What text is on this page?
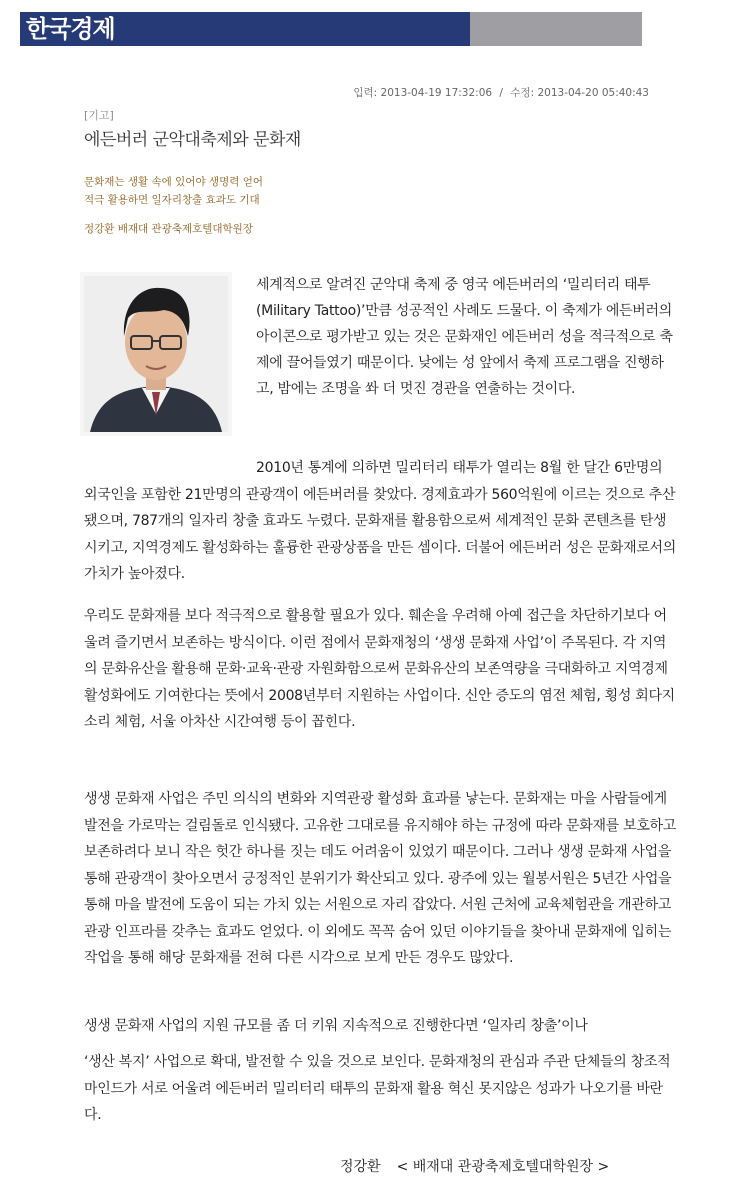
한국경제
입력: 2013-04-19 17:32:06 / 수정: 2013-04-20 05:40:43
[기고]
에든버러 군악대축제와 문화재
문화재는 생활 속에 있어야 생명력 얻어
적극 활용하면 일자리창출 효과도 기대
정강환 배재대 관광축제호텔대학원장
세계적으로 알려진 군악대 축제 중 영국 에든버러의 ‘밀리터리 태투(Military Tattoo)’만큼 성공적인 사례도 드물다. 이 축제가 에든버러의 아이콘으로 평가받고 있는 것은 문화재인 에든버러 성을 적극적으로 축제에 끌어들였기 때문이다. 낮에는 성 앞에서 축제 프로그램을 진행하고, 밤에는 조명을 쏴 더 멋진 경관을 연출하는 것이다.

2010년 통계에 의하면 밀리터리 태투가 열리는 8월 한 달간 6만명의 외국인을 포함한 21만명의 관광객이 에든버러를 찾았다. 경제효과가 560억원에 이르는 것으로 추산됐으며, 787개의 일자리 창출 효과도 누렸다. 문화재를 활용함으로써 세계적인 문화 콘텐츠를 탄생시키고, 지역경제도 활성화하는 훌륭한 관광상품을 만든 셈이다. 더불어 에든버러 성은 문화재로서의 가치가 높아졌다.

우리도 문화재를 보다 적극적으로 활용할 필요가 있다. 훼손을 우려해 아예 접근을 차단하기보다 어울려 즐기면서 보존하는 방식이다. 이런 점에서 문화재청의 ‘생생 문화재 사업’이 주목된다. 각 지역의 문화유산을 활용해 문화·교육·관광 자원화함으로써 문화유산의 보존역량을 극대화하고 지역경제 활성화에도 기여한다는 뜻에서 2008년부터 지원하는 사업이다. 신안 증도의 염전 체험, 횡성 회다지소리 체험, 서울 아차산 시간여행 등이 꼽힌다.

생생 문화재 사업은 주민 의식의 변화와 지역관광 활성화 효과를 낳는다. 문화재는 마을 사람들에게 발전을 가로막는 걸림돌로 인식됐다. 고유한 그대로를 유지해야 하는 규정에 따라 문화재를 보호하고 보존하려다 보니 작은 헛간 하나를 짓는 데도 어려움이 있었기 때문이다. 그러나 생생 문화재 사업을 통해 관광객이 찾아오면서 긍정적인 분위기가 확산되고 있다. 광주에 있는 월봉서원은 5년간 사업을 통해 마을 발전에 도움이 되는 가치 있는 서원으로 자리 잡았다. 서원 근처에 교육체험관을 개관하고 관광 인프라를 갖추는 효과도 얻었다. 이 외에도 꼭꼭 숨어 있던 이야기들을 찾아내 문화재에 입히는 작업을 통해 해당 문화재를 전혀 다른 시각으로 보게 만든 경우도 많았다.

생생 문화재 사업의 지원 규모를 좀 더 키워 지속적으로 진행한다면 ‘일자리 창출’이나

‘생산 복지’ 사업으로 확대, 발전할 수 있을 것으로 보인다. 문화재청의 관심과 주관 단체들의 창조적 마인드가 서로 어울려 에든버러 밀리터리 태투의 문화재 활용 혁신 못지않은 성과가 나오기를 바란다.

정강환 < 배재대 관광축제호텔대학원장 >
